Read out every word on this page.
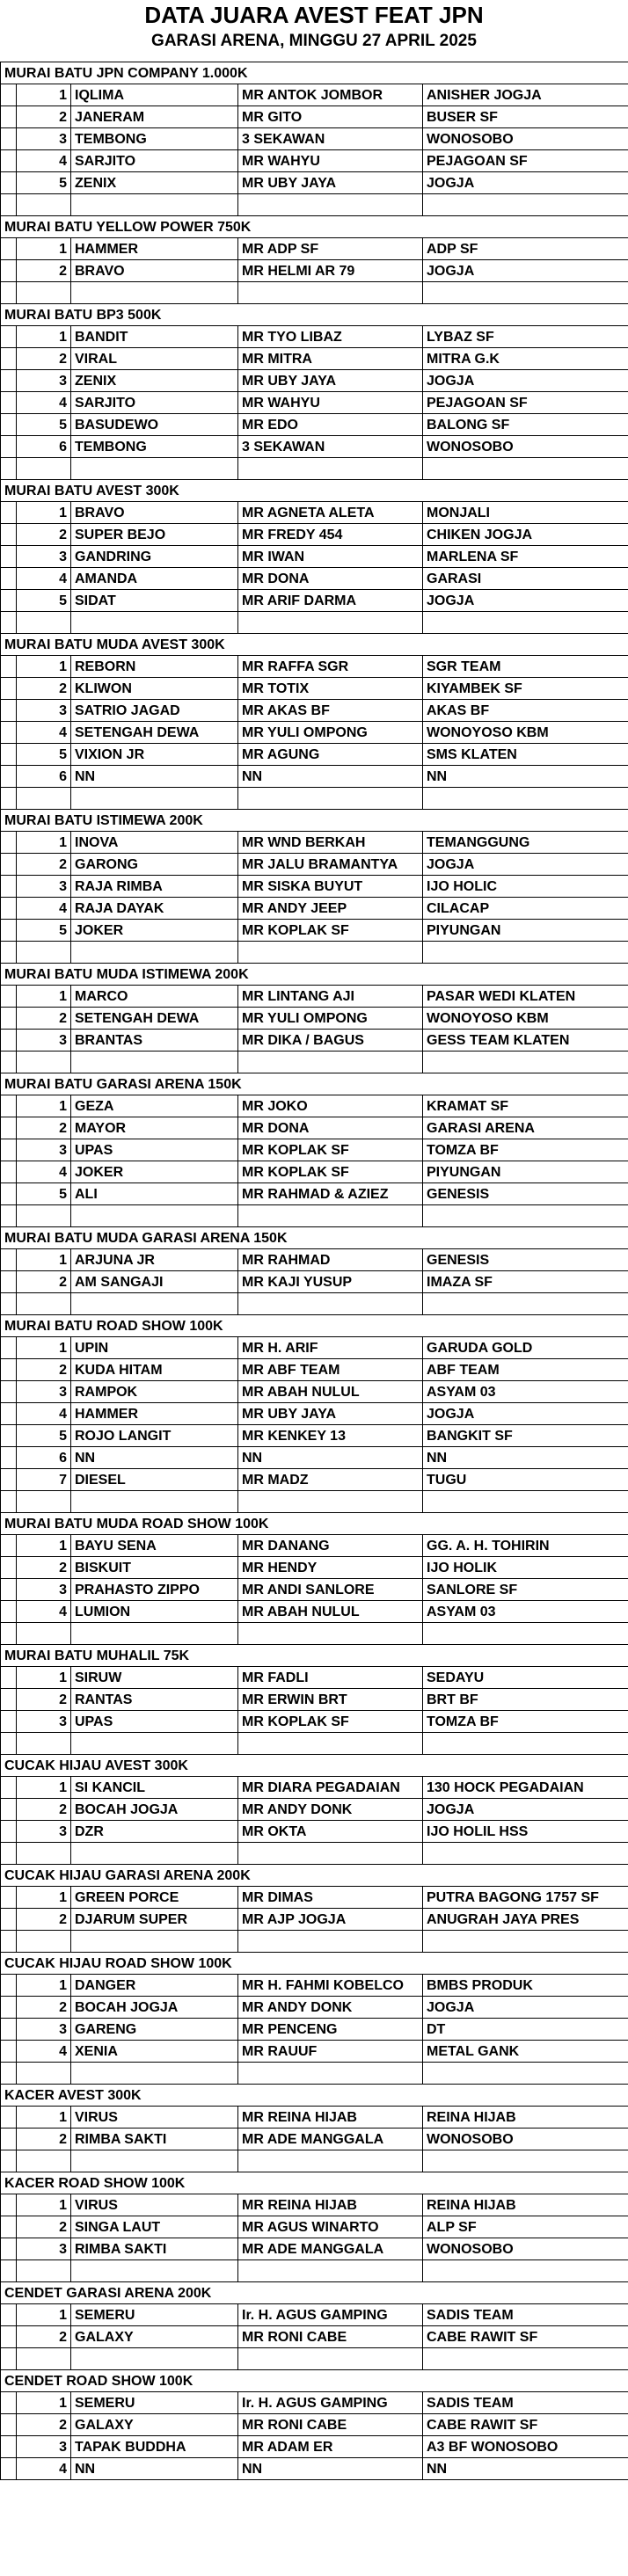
DATA JUARA AVEST FEAT JPN
GARASI ARENA, MINGGU 27 APRIL 2025
MURAI BATU JPN COMPANY 1.000K				
	1	IQLIMA	MR ANTOK JOMBOR	ANISHER JOGJA
	2	JANERAM	MR GITO	BUSER SF
	3	TEMBONG	3 SEKAWAN	WONOSOBO
	4	SARJITO	MR WAHYU	PEJAGOAN SF
	5	ZENIX	MR UBY JAYA	JOGJA

MURAI BATU YELLOW POWER 750K				
	1	HAMMER	MR ADP SF	ADP SF
	2	BRAVO	MR HELMI AR 79	JOGJA

MURAI BATU BP3 500K				
	1	BANDIT	MR TYO LIBAZ	LYBAZ SF
	2	VIRAL	MR MITRA	MITRA G.K
	3	ZENIX	MR UBY JAYA	JOGJA
	4	SARJITO	MR WAHYU	PEJAGOAN SF
	5	BASUDEWO	MR EDO	BALONG SF
	6	TEMBONG	3 SEKAWAN	WONOSOBO

MURAI BATU AVEST 300K				
	1	BRAVO	MR AGNETA ALETA	MONJALI
	2	SUPER BEJO	MR FREDY 454	CHIKEN JOGJA
	3	GANDRING	MR IWAN	MARLENA SF
	4	AMANDA	MR DONA	GARASI
	5	SIDAT	MR ARIF DARMA	JOGJA

MURAI BATU MUDA AVEST 300K				
	1	REBORN	MR RAFFA SGR	SGR TEAM
	2	KLIWON	MR TOTIX	KIYAMBEK SF
	3	SATRIO JAGAD	MR AKAS BF	AKAS BF
	4	SETENGAH DEWA	MR YULI OMPONG	WONOYOSO KBM
	5	VIXION JR	MR AGUNG	SMS KLATEN
	6	NN	NN	NN

MURAI BATU ISTIMEWA 200K				
	1	INOVA	MR WND BERKAH	TEMANGGUNG
	2	GARONG	MR JALU BRAMANTYA	JOGJA
	3	RAJA RIMBA	MR SISKA BUYUT	IJO HOLIC
	4	RAJA DAYAK	MR ANDY JEEP	CILACAP
	5	JOKER	MR KOPLAK SF	PIYUNGAN

MURAI BATU MUDA ISTIMEWA 200K				
	1	MARCO	MR LINTANG AJI	PASAR WEDI KLATEN
	2	SETENGAH DEWA	MR YULI OMPONG	WONOYOSO KBM
	3	BRANTAS	MR DIKA / BAGUS	GESS TEAM KLATEN

MURAI BATU GARASI ARENA 150K				
	1	GEZA	MR JOKO	KRAMAT SF
	2	MAYOR	MR DONA	GARASI ARENA
	3	UPAS	MR KOPLAK SF	TOMZA BF
	4	JOKER	MR KOPLAK SF	PIYUNGAN
	5	ALI	MR RAHMAD & AZIEZ	GENESIS

MURAI BATU MUDA GARASI ARENA 150K				
	1	ARJUNA JR	MR RAHMAD	GENESIS
	2	AM SANGAJI	MR KAJI YUSUP	IMAZA SF

MURAI BATU ROAD SHOW 100K				
	1	UPIN	MR H. ARIF	GARUDA GOLD
	2	KUDA HITAM	MR ABF TEAM	ABF TEAM
	3	RAMPOK	MR ABAH NULUL	ASYAM 03
	4	HAMMER	MR UBY JAYA	JOGJA
	5	ROJO LANGIT	MR KENKEY 13	BANGKIT SF
	6	NN	NN	NN
	7	DIESEL	MR MADZ	TUGU

MURAI BATU MUDA ROAD SHOW 100K				
	1	BAYU SENA	MR DANANG	GG. A. H. TOHIRIN
	2	BISKUIT	MR HENDY	IJO HOLIK
	3	PRAHASTO ZIPPO	MR ANDI SANLORE	SANLORE SF
	4	LUMION	MR ABAH NULUL	ASYAM 03

MURAI BATU MUHALIL 75K				
	1	SIRUW	MR FADLI	SEDAYU
	2	RANTAS	MR ERWIN BRT	BRT BF
	3	UPAS	MR KOPLAK SF	TOMZA BF

CUCAK HIJAU AVEST 300K				
	1	SI KANCIL	MR DIARA PEGADAIAN	130 HOCK PEGADAIAN
	2	BOCAH JOGJA	MR ANDY DONK	JOGJA
	3	DZR	MR OKTA	IJO HOLIL HSS

CUCAK HIJAU GARASI ARENA 200K				
	1	GREEN PORCE	MR DIMAS	PUTRA BAGONG 1757 SF
	2	DJARUM SUPER	MR AJP JOGJA	ANUGRAH JAYA PRES

CUCAK HIJAU ROAD SHOW 100K				
	1	DANGER	MR H. FAHMI KOBELCO	BMBS PRODUK
	2	BOCAH JOGJA	MR ANDY DONK	JOGJA
	3	GARENG	MR PENCENG	DT
	4	XENIA	MR RAUUF	METAL GANK

KACER AVEST 300K				
	1	VIRUS	MR REINA HIJAB	REINA HIJAB
	2	RIMBA SAKTI	MR ADE MANGGALA	WONOSOBO

KACER ROAD SHOW 100K				
	1	VIRUS	MR REINA HIJAB	REINA HIJAB
	2	SINGA LAUT	MR AGUS WINARTO	ALP SF
	3	RIMBA SAKTI	MR ADE MANGGALA	WONOSOBO

CENDET GARASI ARENA 200K				
	1	SEMERU	Ir. H. AGUS GAMPING	SADIS TEAM
	2	GALAXY	MR RONI CABE	CABE RAWIT SF

CENDET ROAD SHOW 100K				
	1	SEMERU	Ir. H. AGUS GAMPING	SADIS TEAM
	2	GALAXY	MR RONI CABE	CABE RAWIT SF
	3	TAPAK BUDDHA	MR ADAM ER	A3 BF WONOSOBO
	4	NN	NN	NN
